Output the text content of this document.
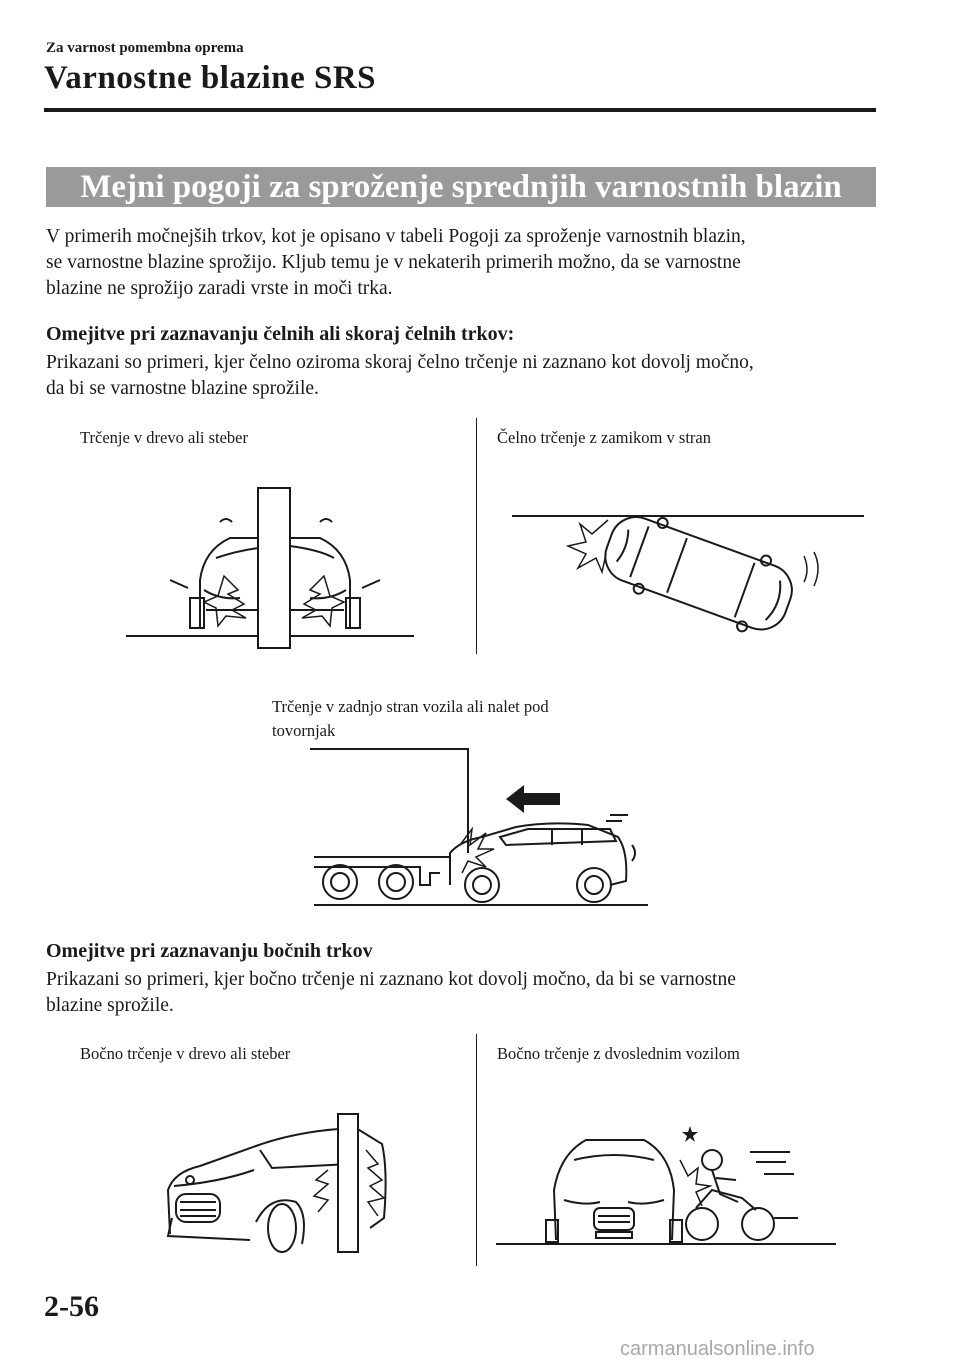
Za varnost pomembna oprema
Varnostne blazine SRS
Mejni pogoji za sproženje sprednjih varnostnih blazin
V primerih močnejših trkov, kot je opisano v tabeli Pogoji za sproženje varnostnih blazin,
se varnostne blazine sprožijo. Kljub temu je v nekaterih primerih možno, da se varnostne
blazine ne sprožijo zaradi vrste in moči trka.
Omejitve pri zaznavanju čelnih ali skoraj čelnih trkov:
Prikazani so primeri, kjer čelno oziroma skoraj čelno trčenje ni zaznano kot dovolj močno,
da bi se varnostne blazine sprožile.
Trčenje v drevo ali steber	Čelno trčenje z zamikom v stran
Trčenje v zadnjo stran vozila ali nalet pod
tovornjak
Omejitve pri zaznavanju bočnih trkov
Prikazani so primeri, kjer bočno trčenje ni zaznano kot dovolj močno, da bi se varnostne
blazine sprožile.
Bočno trčenje v drevo ali steber	Bočno trčenje z dvoslednim vozilom
2-56
carmanualsonline.info
